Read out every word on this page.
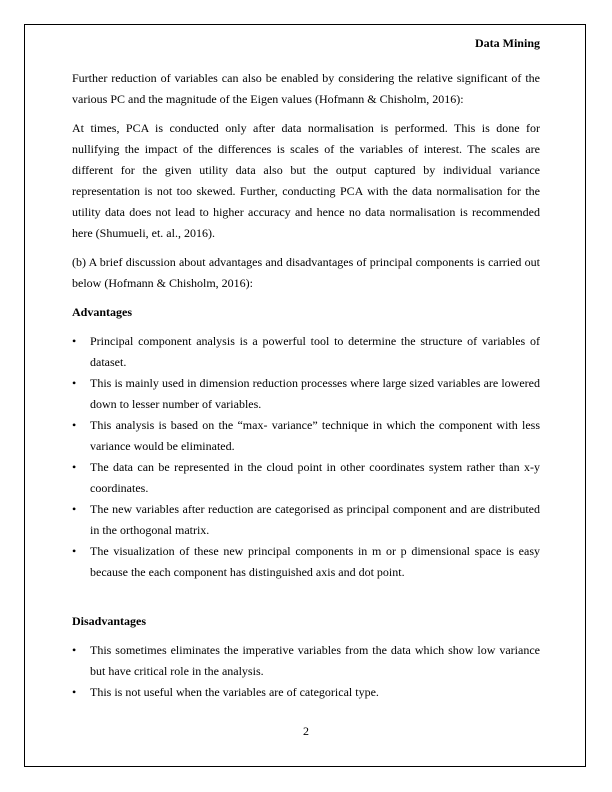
Data Mining

Further reduction of variables can also be enabled by considering the relative significant of the various PC and the magnitude of the Eigen values (Hofmann & Chisholm, 2016):

At times, PCA is conducted only after data normalisation is performed. This is done for nullifying the impact of the differences is scales of the variables of interest. The scales are different for the given utility data also but the output captured by individual variance representation is not too skewed. Further, conducting PCA with the data normalisation for the utility data does not lead to higher accuracy and hence no data normalisation is recommended here (Shumueli, et. al., 2016).

(b) A brief discussion about advantages and disadvantages of principal components is carried out below (Hofmann & Chisholm, 2016):

Advantages
• Principal component analysis is a powerful tool to determine the structure of variables of dataset.
• This is mainly used in dimension reduction processes where large sized variables are lowered down to lesser number of variables.
• This analysis is based on the “max- variance” technique in which the component with less variance would be eliminated.
• The data can be represented in the cloud point in other coordinates system rather than x-y coordinates.
• The new variables after reduction are categorised as principal component and are distributed in the orthogonal matrix.
• The visualization of these new principal components in m or p dimensional space is easy because the each component has distinguished axis and dot point.
Disadvantages
• This sometimes eliminates the imperative variables from the data which show low variance but have critical role in the analysis.
• This is not useful when the variables are of categorical type.
2
